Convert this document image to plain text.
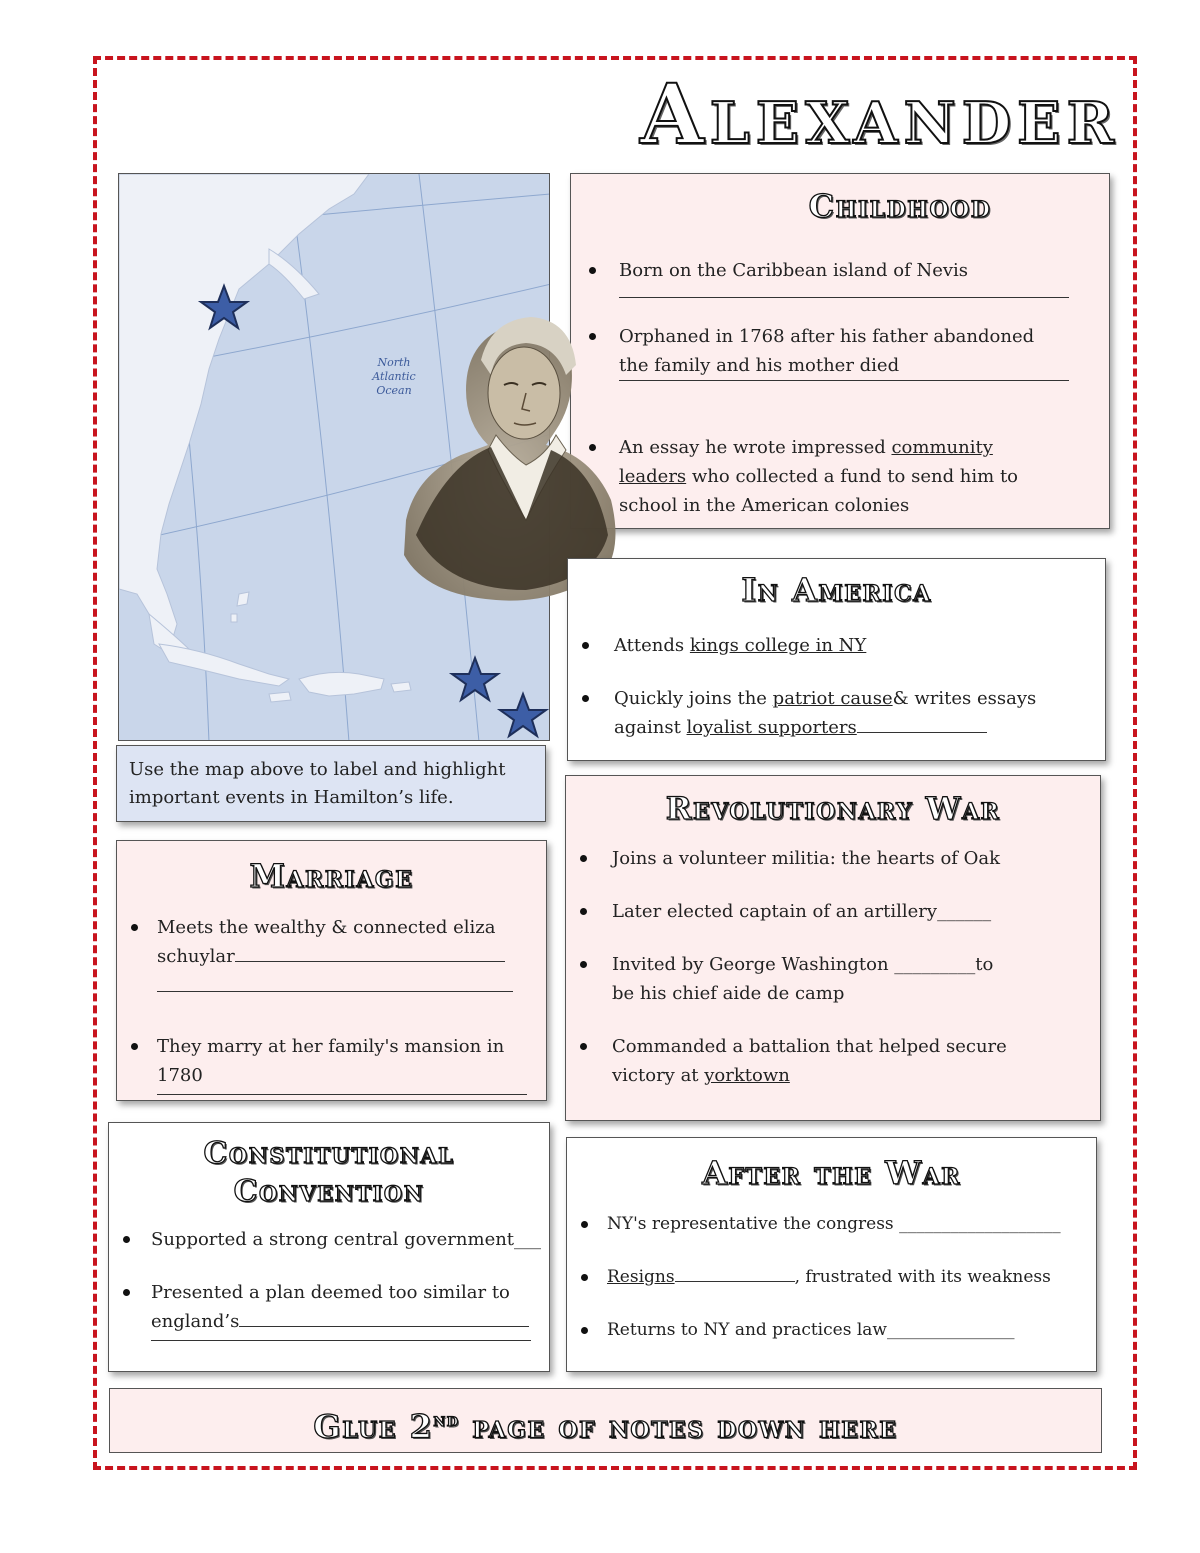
Alexander
North
Atlantic
Ocean

Use the map above to label and highlight important events in Hamilton’s life.

Childhood
Born on the Caribbean island of Nevis
Orphaned in 1768 after his father abandoned the family and his mother died
An essay he wrote impressed community
leaders who collected a fund to send him to
school in the American colonies
In America
Attends kings college in NY
Quickly joins the patriot cause& writes essays
against loyalist supporters
Revolutionary War
Joins a volunteer militia: the hearts of Oak
Later elected captain of an artillery______
Invited by George Washington _________to
be his chief aide de camp
Commanded a battalion that helped secure
victory at yorktown
Marriage
Meets the wealthy & connected eliza
schuylar
They marry at her family's mansion in 1780
Constitutional
Convention
Supported a strong central government___
Presented a plan deemed too similar to
england’s
After the War
NY's representative the congress ___________________
Resigns	, frustrated with its weakness
Returns to NY and practices law_______________
Glue 2nd page of notes down here
